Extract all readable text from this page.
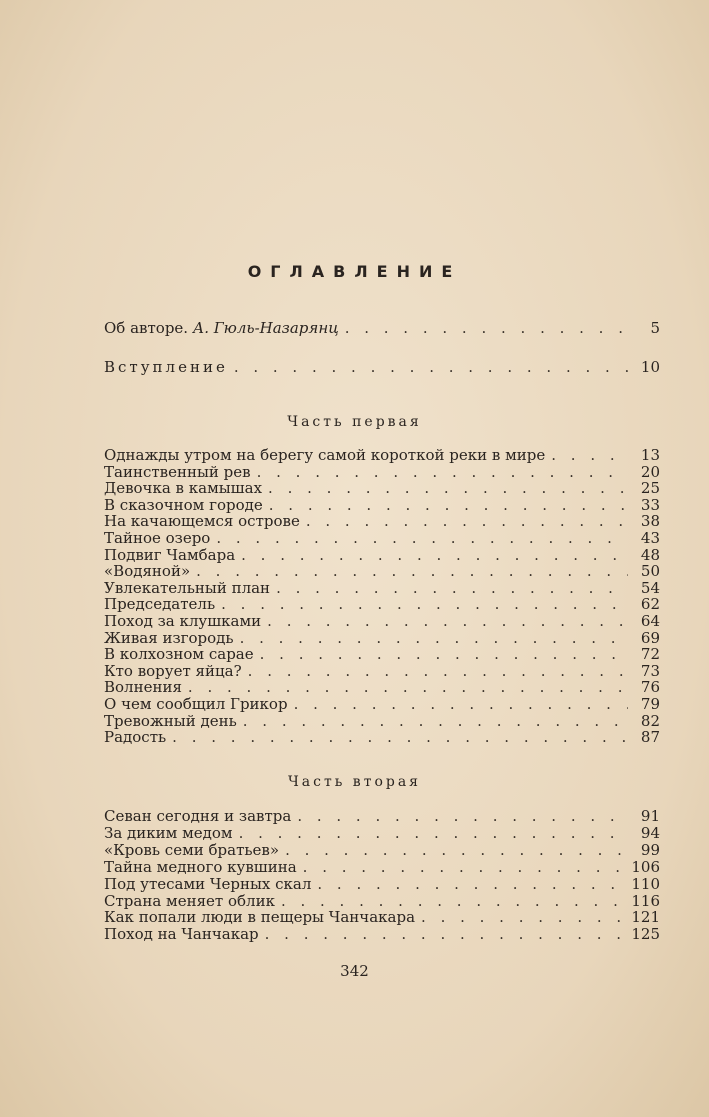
ОГЛАВЛЕНИЕ
Об авторе. А. Гюль-Назарянц . . .	5
Вступление . . .	10
Часть первая
Однажды утром на берегу самой короткой реки в мире . . .	13
Таинственный рев . . .	20
Девочка в камышах . . .	25
В сказочном городе . . .	33
На качающемся острове . . .	38
Тайное озеро . . .	43
Подвиг Чамбара . . .	48
«Водяной» . . .	50
Увлекательный план . . .	54
Председатель . . .	62
Поход за клушками . . .	64
Живая изгородь . . .	69
В колхозном сарае . . .	72
Кто ворует яйца? . . .	73
Волнения . . .	76
О чем сообщил Грикор . . .	79
Тревожный день . . .	82
Радость . . .	87
Часть вторая
Севан сегодня и завтра . . .	91
За диким медом . . .	94
«Кровь семи братьев» . . .	99
Тайна медного кувшина . . .	106
Под утесами Черных скал . . .	110
Страна меняет облик . . .	116
Как попали люди в пещеры Чанчакара . . .	121
Поход на Чанчакар . . .	125
342
